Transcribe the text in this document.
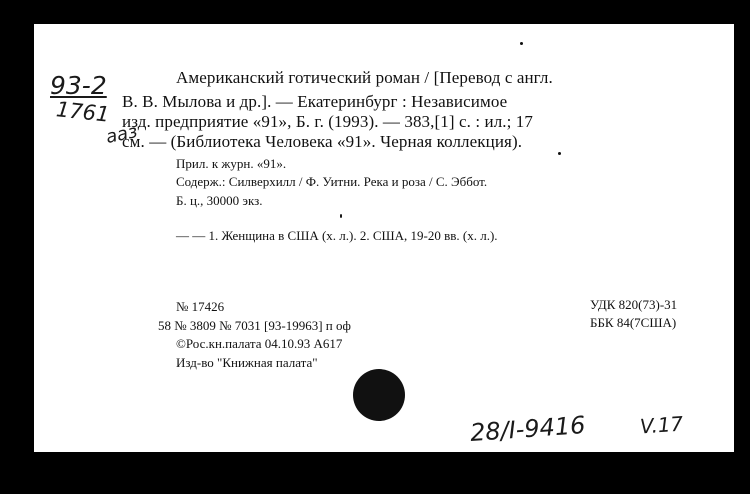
93-2
1761
ааз
Американский готический роман / [Перевод с англ.
В. В. Мылова и др.]. — Екатеринбург : Независимое
изд. предприятие «91», Б. г. (1993). — 383,[1] с. : ил.; 17
см. — (Библиотека Человека «91». Черная коллекция).
Прил. к журн. «91».
Содерж.: Силверхилл / Ф. Уитни. Река и роза / С. Эббот.
Б. ц., 30000 экз.
— — 1. Женщина в США (х. л.). 2. США, 19-20 вв. (х. л.).
№ 17426
58 № 3809 № 7031 [93-19963] п оф
©Рос.кн.палата 04.10.93 А617
Изд-во "Книжная палата"
УДК 820(73)-31
ББК 84(7США)
28/I-9416	V.17
